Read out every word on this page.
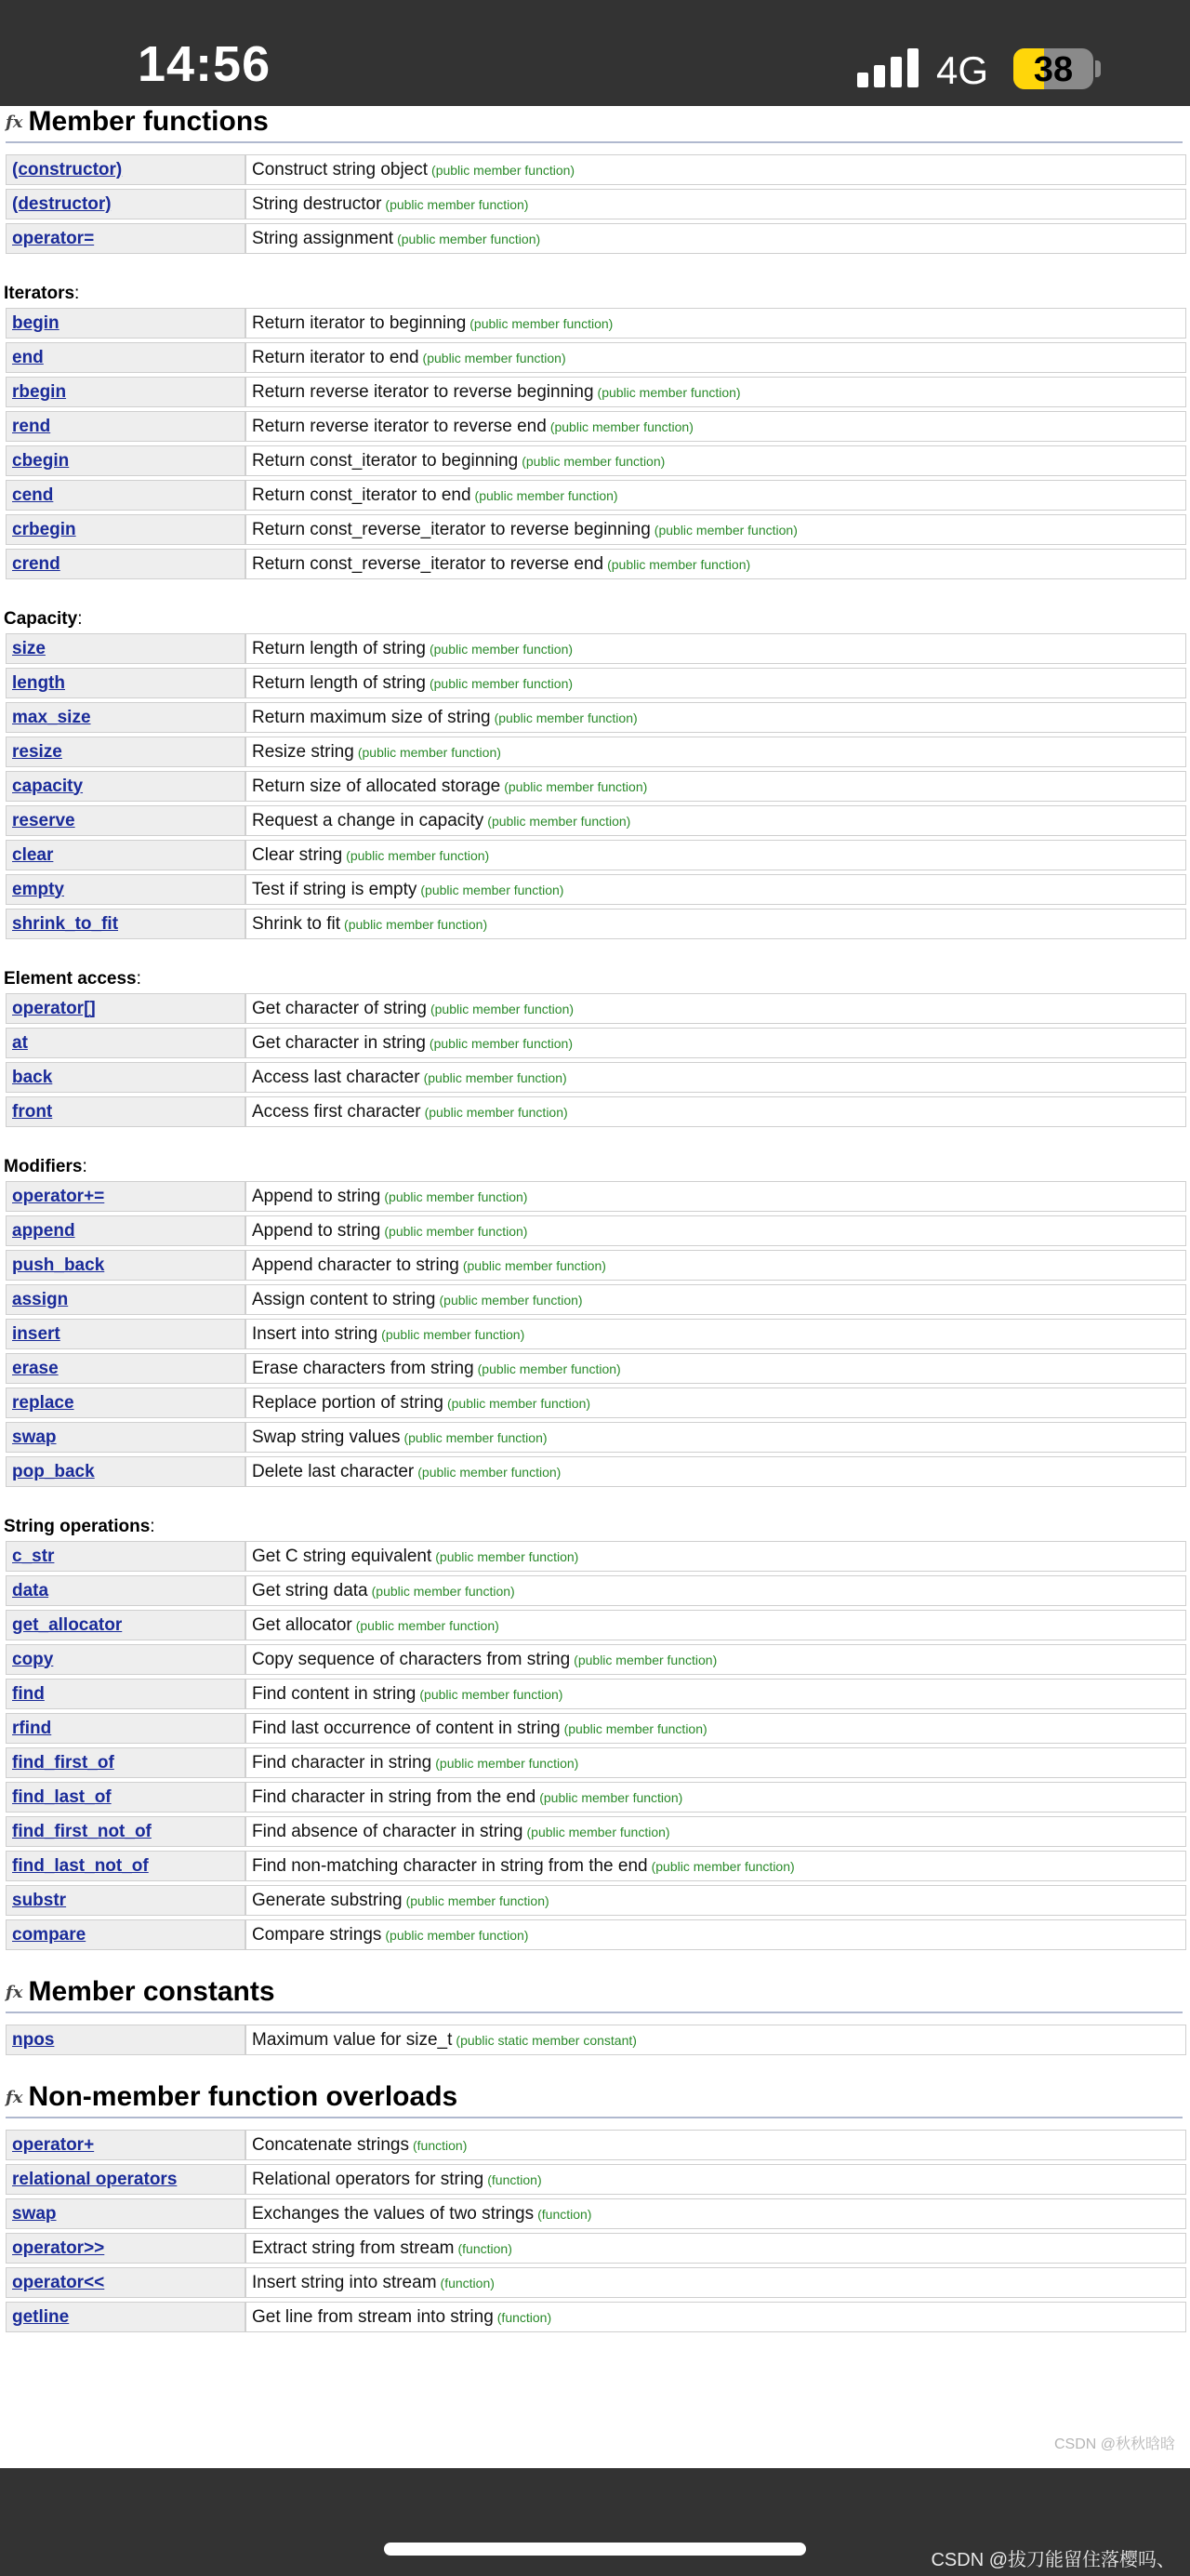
14:56	4G	38
fx Member functions
(constructor)	Construct string object (public member function)
(destructor)	String destructor (public member function)
operator=	String assignment (public member function)
Iterators:
begin	Return iterator to beginning (public member function)
end	Return iterator to end (public member function)
rbegin	Return reverse iterator to reverse beginning (public member function)
rend	Return reverse iterator to reverse end (public member function)
cbegin	Return const_iterator to beginning (public member function)
cend	Return const_iterator to end (public member function)
crbegin	Return const_reverse_iterator to reverse beginning (public member function)
crend	Return const_reverse_iterator to reverse end (public member function)
Capacity:
size	Return length of string (public member function)
length	Return length of string (public member function)
max_size	Return maximum size of string (public member function)
resize	Resize string (public member function)
capacity	Return size of allocated storage (public member function)
reserve	Request a change in capacity (public member function)
clear	Clear string (public member function)
empty	Test if string is empty (public member function)
shrink_to_fit	Shrink to fit (public member function)
Element access:
operator[]	Get character of string (public member function)
at	Get character in string (public member function)
back	Access last character (public member function)
front	Access first character (public member function)
Modifiers:
operator+=	Append to string (public member function)
append	Append to string (public member function)
push_back	Append character to string (public member function)
assign	Assign content to string (public member function)
insert	Insert into string (public member function)
erase	Erase characters from string (public member function)
replace	Replace portion of string (public member function)
swap	Swap string values (public member function)
pop_back	Delete last character (public member function)
String operations:
c_str	Get C string equivalent (public member function)
data	Get string data (public member function)
get_allocator	Get allocator (public member function)
copy	Copy sequence of characters from string (public member function)
find	Find content in string (public member function)
rfind	Find last occurrence of content in string (public member function)
find_first_of	Find character in string (public member function)
find_last_of	Find character in string from the end (public member function)
find_first_not_of	Find absence of character in string (public member function)
find_last_not_of	Find non-matching character in string from the end (public member function)
substr	Generate substring (public member function)
compare	Compare strings (public member function)
fx Member constants
npos	Maximum value for size_t (public static member constant)
fx Non-member function overloads
operator+	Concatenate strings (function)
relational operators	Relational operators for string (function)
swap	Exchanges the values of two strings (function)
operator>>	Extract string from stream (function)
operator<<	Insert string into stream (function)
getline	Get line from stream into string (function)
CSDN @秋秋晗晗
CSDN @拔刀能留住落樱吗、
